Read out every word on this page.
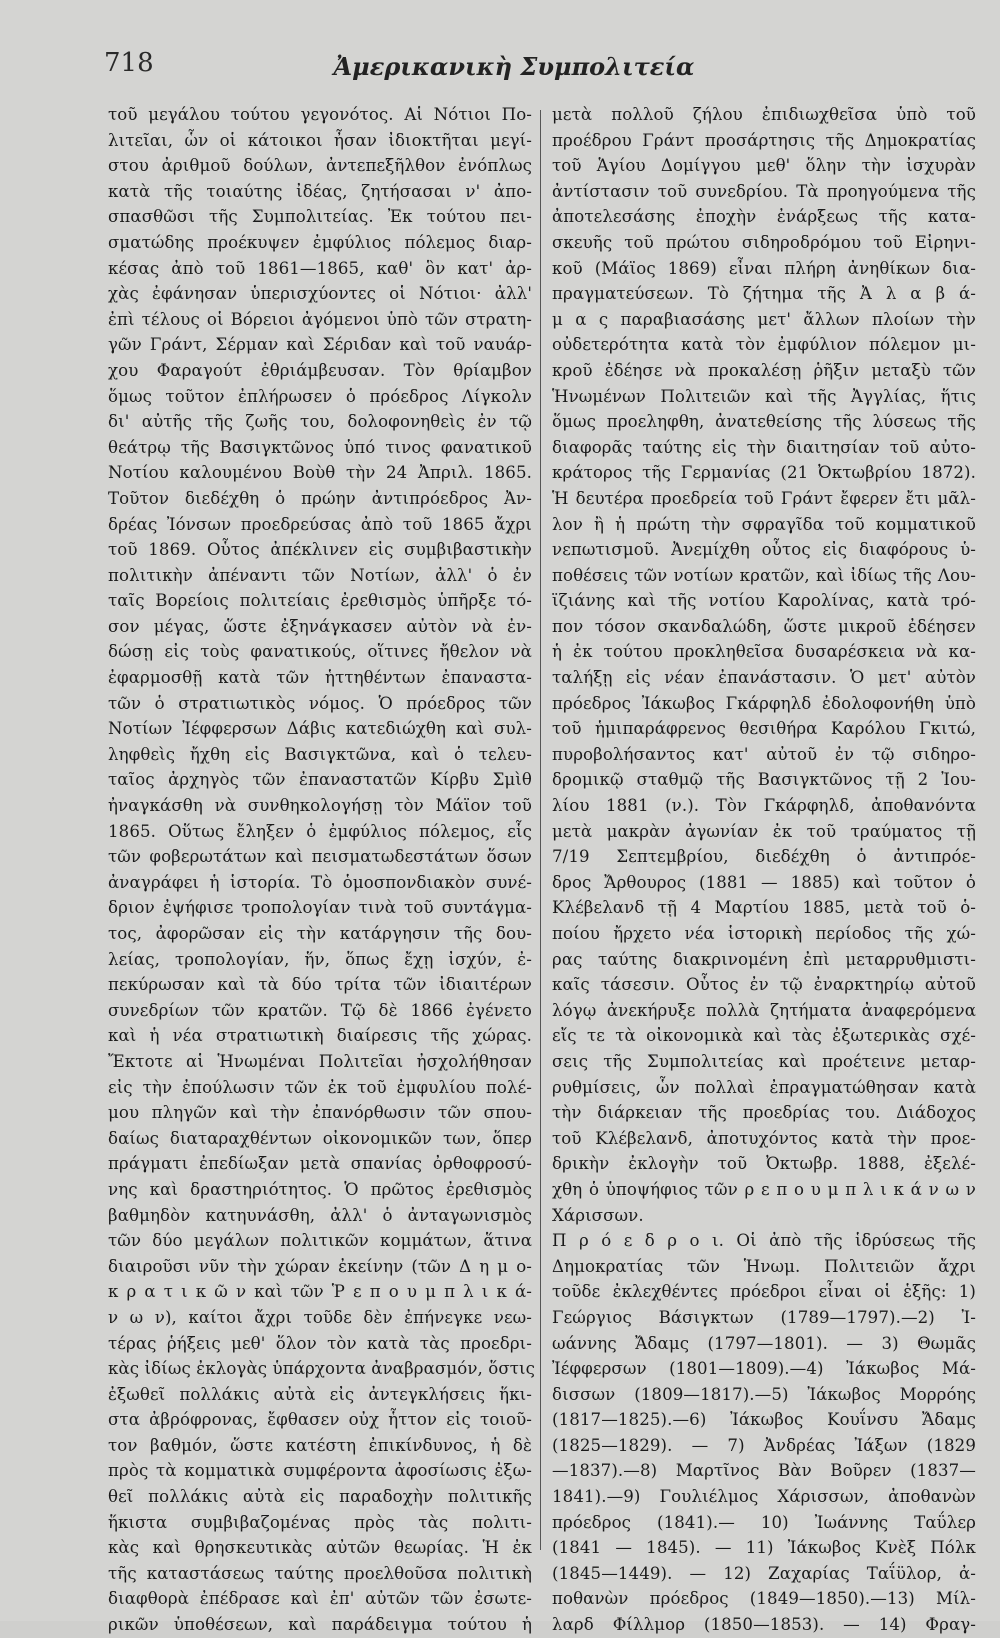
718	Ἀμερικανικὴ Συμπολιτεία
τοῦ μεγάλου τούτου γεγονότος. Αἱ Νότιοι Πο-
λιτεῖαι, ὧν οἱ κάτοικοι ἦσαν ἰδιοκτῆται μεγί-
στου ἀριθμοῦ δούλων, ἀντεπεξῆλθον ἐνόπλως
κατὰ τῆς τοιαύτης ἰδέας, ζητήσασαι ν' ἀπο-
σπασθῶσι τῆς Συμπολιτείας. Ἐκ τούτου πει-
σματώδης προέκυψεν ἐμφύλιος πόλεμος διαρ-
κέσας ἀπὸ τοῦ 1861—1865, καθ' ὃν κατ' ἀρ-
χὰς ἐφάνησαν ὑπερισχύοντες οἱ Νότιοι· ἀλλ'
ἐπὶ τέλους οἱ Βόρειοι ἀγόμενοι ὑπὸ τῶν στρατη-
γῶν Γράντ, Σέρμαν καὶ Σέριδαν καὶ τοῦ ναυάρ-
χου Φαραγούτ ἐθριάμβευσαν. Τὸν θρίαμβον
ὅμως τοῦτον ἐπλήρωσεν ὁ πρόεδρος Λίγκολν
δι' αὐτῆς τῆς ζωῆς του, δολοφονηθεὶς ἐν τῷ
θεάτρῳ τῆς Βασιγκτῶνος ὑπό τινος φανατικοῦ
Νοτίου καλουμένου Βοὺθ τὴν 24 Ἀπριλ. 1865.
Τοῦτον διεδέχθη ὁ πρώην ἀντιπρόεδρος Ἀν-
δρέας Ἰόνσων προεδρεύσας ἀπὸ τοῦ 1865 ἄχρι
τοῦ 1869. Οὗτος ἀπέκλινεν εἰς συμβιβαστικὴν
πολιτικὴν ἀπέναντι τῶν Νοτίων, ἀλλ' ὁ ἐν
ταῖς Βορείοις πολιτείαις ἐρεθισμὸς ὑπῆρξε τό-
σον μέγας, ὥστε ἐξηνάγκασεν αὐτὸν νὰ ἐν-
δώσῃ εἰς τοὺς φανατικούς, οἵτινες ἤθελον νὰ
ἐφαρμοσθῇ κατὰ τῶν ἡττηθέντων ἐπαναστα-
τῶν ὁ στρατιωτικὸς νόμος. Ὁ πρόεδρος τῶν
Νοτίων Ἰέφφερσων Δάβις κατεδιώχθη καὶ συλ-
ληφθεὶς ἤχθη εἰς Βασιγκτῶνα, καὶ ὁ τελευ-
ταῖος ἀρχηγὸς τῶν ἐπαναστατῶν Κίρβυ Σμὶθ
ἠναγκάσθη νὰ συνθηκολογήσῃ τὸν Μάϊον τοῦ
1865. Οὕτως ἔληξεν ὁ ἐμφύλιος πόλεμος, εἷς
τῶν φοβερωτάτων καὶ πεισματωδεστάτων ὅσων
ἀναγράφει ἡ ἱστορία. Τὸ ὁμοσπονδιακὸν συνέ-
δριον ἐψήφισε τροπολογίαν τινὰ τοῦ συντάγμα-
τος, ἀφορῶσαν εἰς τὴν κατάργησιν τῆς δου-
λείας, τροπολογίαν, ἥν, ὅπως ἔχῃ ἰσχύν, ἐ-
πεκύρωσαν καὶ τὰ δύο τρίτα τῶν ἰδιαιτέρων
συνεδρίων τῶν κρατῶν. Τῷ δὲ 1866 ἐγένετο
καὶ ἡ νέα στρατιωτικὴ διαίρεσις τῆς χώρας.
Ἔκτοτε αἱ Ἡνωμέναι Πολιτεῖαι ἠσχολήθησαν
εἰς τὴν ἐπούλωσιν τῶν ἐκ τοῦ ἐμφυλίου πολέ-
μου πληγῶν καὶ τὴν ἐπανόρθωσιν τῶν σπου-
δαίως διαταραχθέντων οἰκονομικῶν των, ὅπερ
πράγματι ἐπεδίωξαν μετὰ σπανίας ὀρθοφροσύ-
νης καὶ δραστηριότητος. Ὁ πρῶτος ἐρεθισμὸς
βαθμηδὸν κατηυνάσθη, ἀλλ' ὁ ἀνταγωνισμὸς
τῶν δύο μεγάλων πολιτικῶν κομμάτων, ἅτινα
διαιροῦσι νῦν τὴν χώραν ἐκείνην (τῶν Δ η μ ο-
κ ρ α τ ι κ ῶ ν καὶ τῶν Ῥ ε π ο υ μ π λ ι κ ά-
ν ω ν), καίτοι ἄχρι τοῦδε δὲν ἐπήνεγκε νεω-
τέρας ῥήξεις μεθ' ὅλον τὸν κατὰ τὰς προεδρι-
κὰς ἰδίως ἐκλογὰς ὑπάρχοντα ἀναβρασμόν, ὅστις
ἐξωθεῖ πολλάκις αὐτὰ εἰς ἀντεγκλήσεις ἥκι-
στα ἀβρόφρονας, ἔφθασεν οὐχ ἧττον εἰς τοιοῦ-
τον βαθμόν, ὥστε κατέστη ἐπικίνδυνος, ἡ δὲ
πρὸς τὰ κομματικὰ συμφέροντα ἀφοσίωσις ἐξω-
θεῖ πολλάκις αὐτὰ εἰς παραδοχὴν πολιτικῆς
ἥκιστα συμβιβαζομένας πρὸς τὰς πολιτι-
κὰς καὶ θρησκευτικὰς αὐτῶν θεωρίας. Ἡ ἐκ
τῆς καταστάσεως ταύτης προελθοῦσα πολιτικὴ
διαφθορὰ ἐπέδρασε καὶ ἐπ' αὐτῶν τῶν ἐσωτε-
ρικῶν ὑποθέσεων, καὶ παράδειγμα τούτου ἡ
μετὰ πολλοῦ ζήλου ἐπιδιωχθεῖσα ὑπὸ τοῦ
προέδρου Γράντ προσάρτησις τῆς Δημοκρατίας
τοῦ Ἁγίου Δομίγγου μεθ' ὅλην τὴν ἰσχυρὰν
ἀντίστασιν τοῦ συνεδρίου. Τὰ προηγούμενα τῆς
ἀποτελεσάσης ἐποχὴν ἐνάρξεως τῆς κατα-
σκευῆς τοῦ πρώτου σιδηροδρόμου τοῦ Εἰρηνι-
κοῦ (Μάϊος 1869) εἶναι πλήρη ἀνηθίκων δια-
πραγματεύσεων. Τὸ ζήτημα τῆς Ἀ λ α β ά-
μ α ς παραβιασάσης μετ' ἄλλων πλοίων τὴν
οὐδετερότητα κατὰ τὸν ἐμφύλιον πόλεμον μι-
κροῦ ἐδέησε νὰ προκαλέσῃ ῥῆξιν μεταξὺ τῶν
Ἡνωμένων Πολιτειῶν καὶ τῆς Ἀγγλίας, ἥτις
ὅμως προεληφθη, ἀνατεθείσης τῆς λύσεως τῆς
διαφορᾶς ταύτης εἰς τὴν διαιτησίαν τοῦ αὐτο-
κράτορος τῆς Γερμανίας (21 Ὀκτωβρίου 1872).
Ἡ δευτέρα προεδρεία τοῦ Γράντ ἔφερεν ἔτι μᾶλ-
λον ἢ ἡ πρώτη τὴν σφραγῖδα τοῦ κομματικοῦ
νεπωτισμοῦ. Ἀνεμίχθη οὗτος εἰς διαφόρους ὑ-
ποθέσεις τῶν νοτίων κρατῶν, καὶ ἰδίως τῆς Λου-
ϊζιάνης καὶ τῆς νοτίου Καρολίνας, κατὰ τρό-
πον τόσον σκανδαλώδη, ὥστε μικροῦ ἐδέησεν
ἡ ἐκ τούτου προκληθεῖσα δυσαρέσκεια νὰ κα-
ταλήξῃ εἰς νέαν ἐπανάστασιν. Ὁ μετ' αὐτὸν
πρόεδρος Ἰάκωβος Γκάρφηλδ ἐδολοφονήθη ὑπὸ
τοῦ ἡμιπαράφρενος θεσιθήρα Καρόλου Γκιτώ,
πυροβολήσαντος κατ' αὐτοῦ ἐν τῷ σιδηρο-
δρομικῷ σταθμῷ τῆς Βασιγκτῶνος τῇ 2 Ἰου-
λίου 1881 (ν.). Τὸν Γκάρφηλδ, ἀποθανόντα
μετὰ μακρὰν ἀγωνίαν ἐκ τοῦ τραύματος τῇ
7/19 Σεπτεμβρίου, διεδέχθη ὁ ἀντιπρόε-
δρος Ἄρθουρος (1881 — 1885) καὶ τοῦτον ὁ
Κλέβελανδ τῇ 4 Μαρτίου 1885, μετὰ τοῦ ὁ-
ποίου ἤρχετο νέα ἱστορικὴ περίοδος τῆς χώ-
ρας ταύτης διακρινομένη ἐπὶ μεταρρυθμιστι-
καῖς τάσεσιν. Οὗτος ἐν τῷ ἐναρκτηρίῳ αὐτοῦ
λόγῳ ἀνεκήρυξε πολλὰ ζητήματα ἀναφερόμενα
εἴς τε τὰ οἰκονομικὰ καὶ τὰς ἐξωτερικὰς σχέ-
σεις τῆς Συμπολιτείας καὶ προέτεινε μεταρ-
ρυθμίσεις, ὧν πολλαὶ ἐπραγματώθησαν κατὰ
τὴν διάρκειαν τῆς προεδρίας του. Διάδοχος
τοῦ Κλέβελανδ, ἀποτυχόντος κατὰ τὴν προε-
δρικὴν ἐκλογὴν τοῦ Ὀκτωβρ. 1888, ἐξελέ-
χθη ὁ ὑποψήφιος τῶν ρ ε π ο υ μ π λ ι κ ά ν ω ν
Χάρισσων.
Π ρ ό ε δ ρ ο ι. Οἱ ἀπὸ τῆς ἱδρύσεως τῆς
Δημοκρατίας τῶν Ἡνωμ. Πολιτειῶν ἄχρι
τοῦδε ἐκλεχθέντες πρόεδροι εἶναι οἱ ἑξῆς: 1)
Γεώργιος Βάσιγκτων (1789—1797).—2) Ἰ-
ωάννης Ἄδαμς (1797—1801). — 3) Θωμᾶς
Ἰέφφερσων (1801—1809).—4) Ἰάκωβος Μά-
δισσων (1809—1817).—5) Ἰάκωβος Μορρόης
(1817—1825).—6) Ἰάκωβος Κουΐνσυ Ἄδαμς
(1825—1829). — 7) Ἀνδρέας Ἰάξων (1829
—1837).—8) Μαρτῖνος Βὰν Βοῦρεν (1837—
1841).—9) Γουλιέλμος Χάρισσων, ἀποθανὼν
πρόεδρος (1841).— 10) Ἰωάννης Ταΰλερ
(1841 — 1845). — 11) Ἰάκωβος Κνὲξ Πόλκ
(1845—1449). — 12) Ζαχαρίας Ταΐϋλορ, ἀ-
ποθανὼν πρόεδρος (1849—1850).—13) Μίλ-
λαρδ Φίλλμορ (1850—1853). — 14) Φραγ-
